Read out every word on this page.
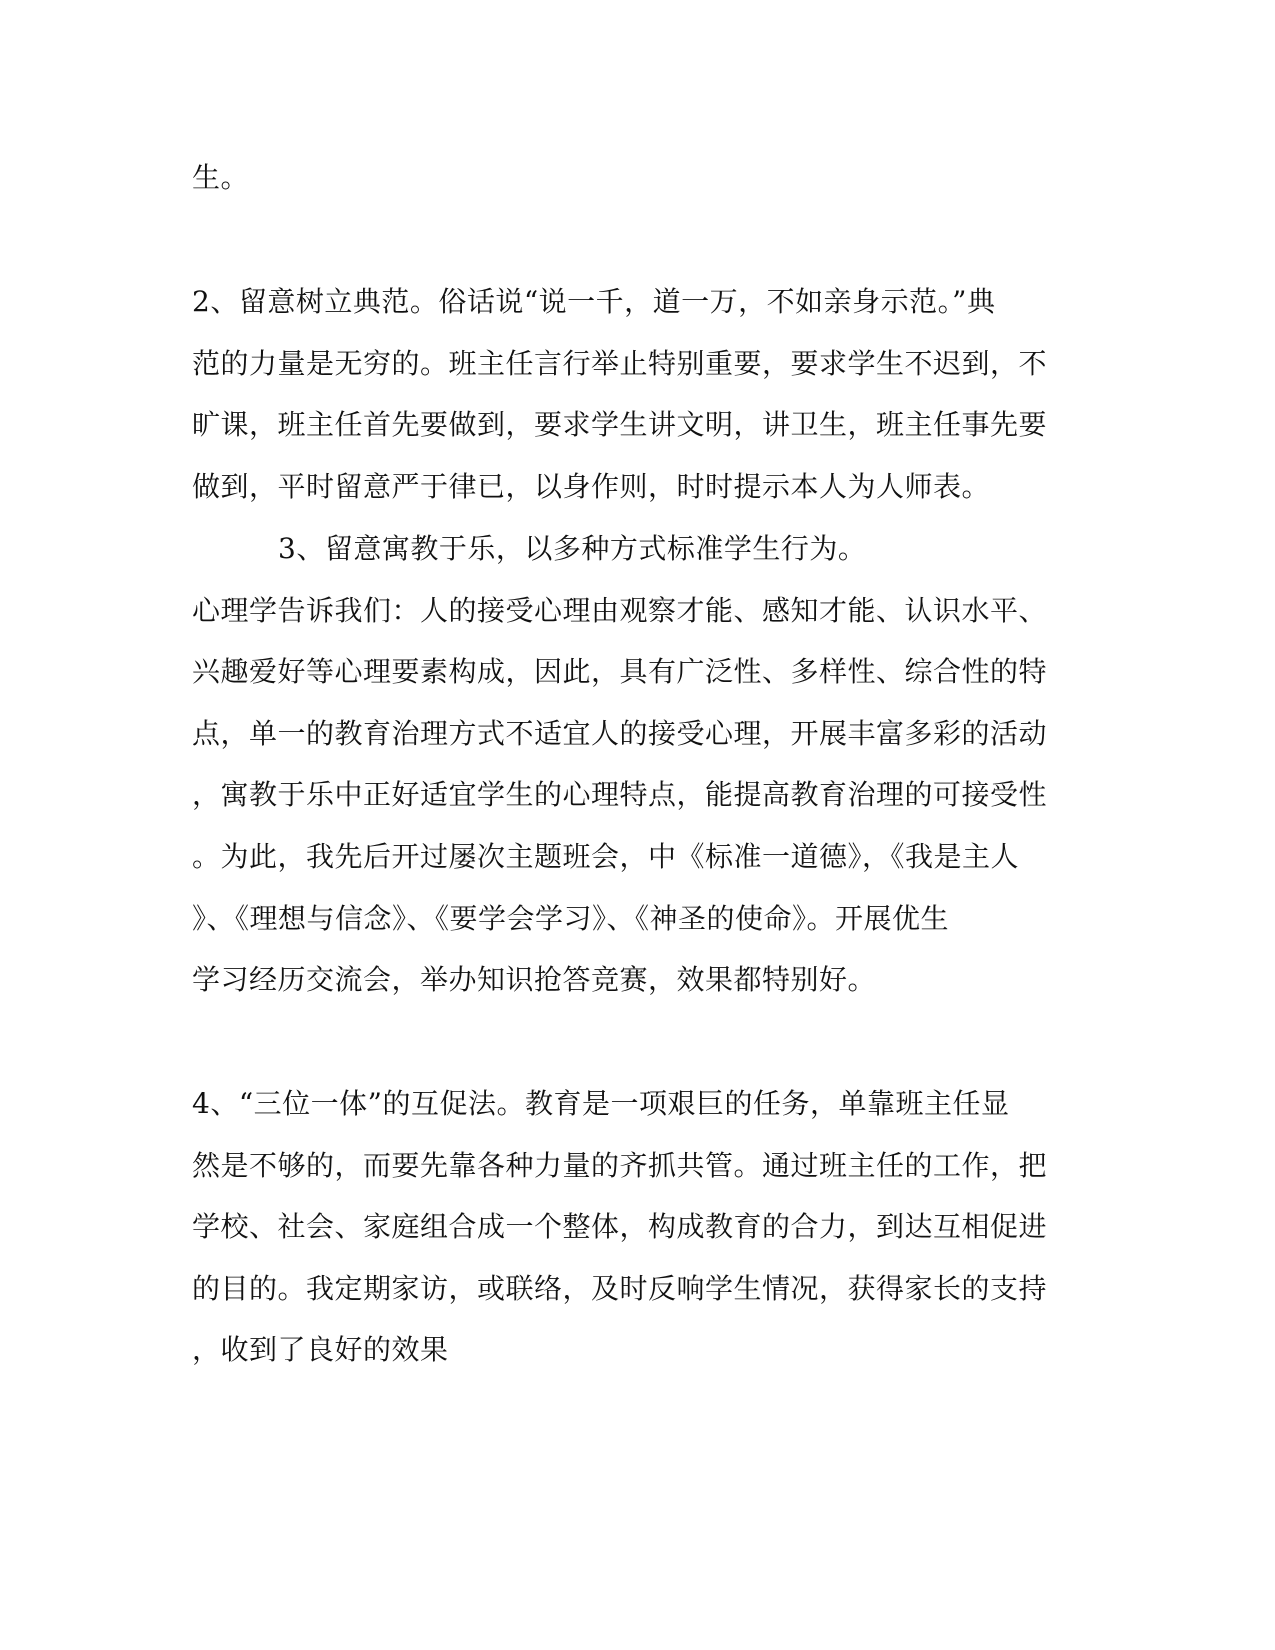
生。
2、留意树立典范。俗话说“说一千，道一万，不如亲身示范。”典
范的力量是无穷的。班主任言行举止特别重要，要求学生不迟到，不
旷课，班主任首先要做到，要求学生讲文明，讲卫生，班主任事先要
做到，平时留意严于律已，以身作则，时时提示本人为人师表。
3、留意寓教于乐，以多种方式标准学生行为。
心理学告诉我们：人的接受心理由观察才能、感知才能、认识水平、
兴趣爱好等心理要素构成，因此，具有广泛性、多样性、综合性的特
点，单一的教育治理方式不适宜人的接受心理，开展丰富多彩的活动
，寓教于乐中正好适宜学生的心理特点，能提高教育治理的可接受性
。为此，我先后开过屡次主题班会，中《标准一道德》，《我是主人
》、《理想与信念》、《要学会学习》、《神圣的使命》。开展优生
学习经历交流会，举办知识抢答竞赛，效果都特别好。
4、“三位一体”的互促法。教育是一项艰巨的任务，单靠班主任显
然是不够的，而要先靠各种力量的齐抓共管。通过班主任的工作，把
学校、社会、家庭组合成一个整体，构成教育的合力，到达互相促进
的目的。我定期家访，或联络，及时反响学生情况，获得家长的支持
，收到了良好的效果
